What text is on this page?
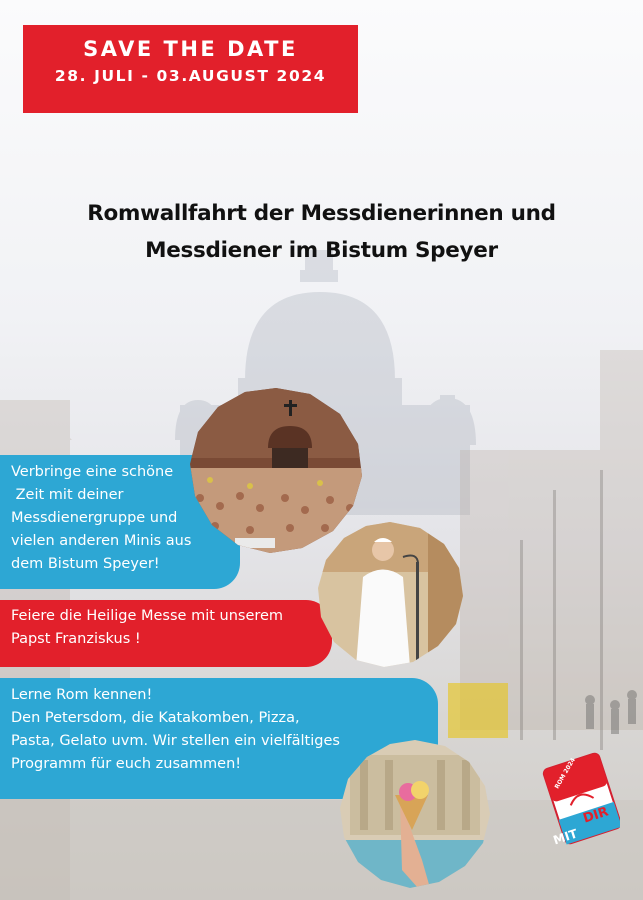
SAVE THE DATE
28. JULI - 03.AUGUST 2024
Romwallfahrt der Messdienerinnen und
Messdiener im Bistum Speyer
Verbringe eine schöne
Zeit mit deiner
Messdienergruppe und
vielen anderen Minis aus
dem Bistum Speyer!
Feiere die Heilige Messe mit unserem
Papst Franziskus !
Lerne Rom kennen!
Den Petersdom, die Katakomben, Pizza,
Pasta, Gelato uvm. Wir stellen ein vielfältiges
Programm für euch zusammen!	ROM 2024
DIR
MIT
